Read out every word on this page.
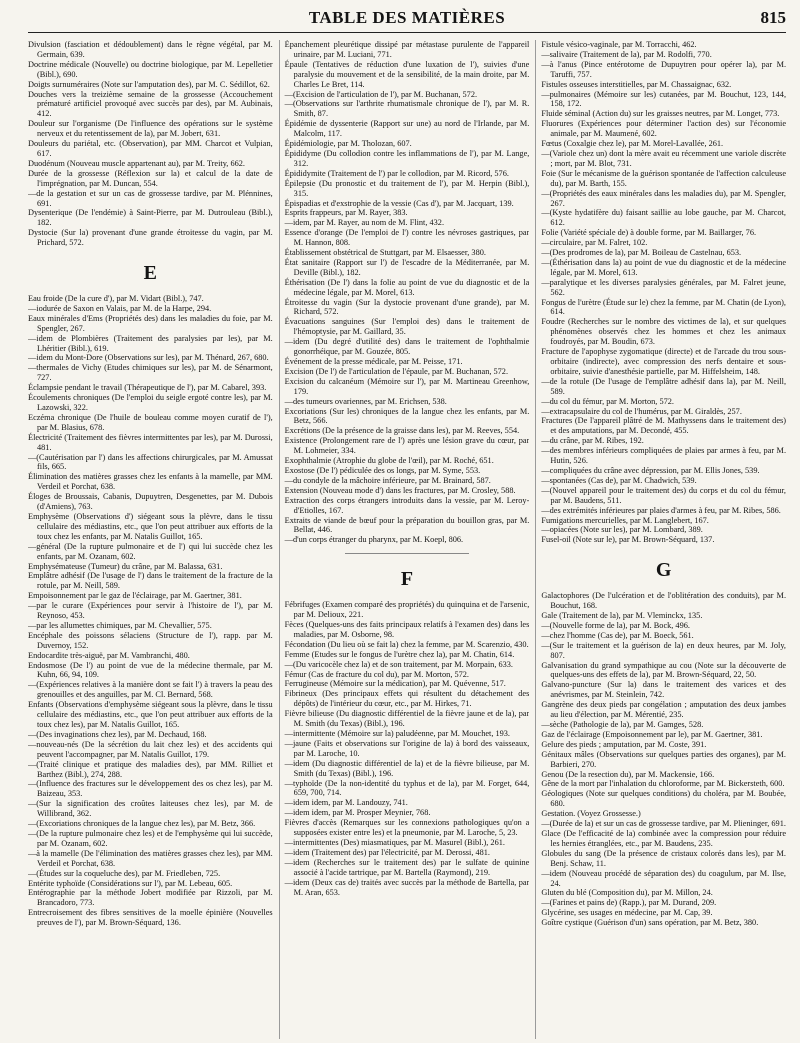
TABLE DES MATIÈRES	815

Divulsion (fasciation et dédoublement) dans le règne végétal, par M. Germain, 639.

Doctrine médicale (Nouvelle) ou doctrine biologique, par M. Lepelletier (Bibl.), 690.

Doigts surnuméraires (Note sur l'amputation des), par M. C. Sédillot, 62.

Douches vers la treizième semaine de la grossesse (Accouchement prématuré artificiel provoqué avec succès par des), par M. Aubinais, 412.

Douleur sur l'organisme (De l'influence des opérations sur le système nerveux et du retentissement de la), par M. Jobert, 631.

Douleurs du pariétal, etc. (Observation), par MM. Charcot et Vulpian, 617.

Duodénum (Nouveau muscle appartenant au), par M. Treity, 662.

Durée de la grossesse (Réflexion sur la) et calcul de la date de l'imprégnation, par M. Duncan, 554.

—de la gestation et sur un cas de grossesse tardive, par M. Plénnines, 691.

Dysenterique (De l'endémie) à Saint-Pierre, par M. Dutrouleau (Bibl.), 182.

Dystocie (Sur la) provenant d'une grande étroitesse du vagin, par M. Prichard, 572.

E

Eau froide (De la cure d'), par M. Vidart (Bibl.), 747.

—iodurée de Saxon en Valais, par M. de la Harpe, 294.

Eaux minérales d'Ems (Propriétés des) dans les maladies du foie, par M. Spengler, 267.

—idem de Plombières (Traitement des paralysies par les), par M. Lhéritier (Bibl.), 619.

—idem du Mont-Dore (Observations sur les), par M. Thénard, 267, 680.

—thermales de Vichy (Etudes chimiques sur les), par M. de Sénarmont, 727.

Éclampsie pendant le travail (Thérapeutique de l'), par M. Cabarel, 393.

Écoulements chroniques (De l'emploi du seigle ergoté contre les), par M. Lazowski, 322.

Eczéma chronique (De l'huile de bouleau comme moyen curatif de l'), par M. Blasius, 678.

Électricité (Traitement des fièvres intermittentes par les), par M. Durossi, 481.

—(Cautérisation par l') dans les affections chirurgicales, par M. Amussat fils, 665.

Élimination des matières grasses chez les enfants à la mamelle, par MM. Verdeil et Porchat, 638.

Éloges de Broussais, Cabanis, Dupuytren, Desgenettes, par M. Dubois (d'Amiens), 763.

Emphysème (Observations d') siégeant sous la plèvre, dans le tissu cellulaire des médiastins, etc., que l'on peut attribuer aux efforts de la toux chez les enfants, par M. Natalis Guillot, 165.

—général (De la rupture pulmonaire et de l') qui lui succède chez les enfants, par M. Ozanam, 602.

Emphysémateuse (Tumeur) du crâne, par M. Balassa, 631.

Emplâtre adhésif (De l'usage de l') dans le traitement de la fracture de la rotule, par M. Neill, 589.

Empoisonnement par le gaz de l'éclairage, par M. Gaertner, 381.

—par le curare (Expériences pour servir à l'histoire de l'), par M. Reynoso, 453.

—par les allumettes chimiques, par M. Chevallier, 575.

Encéphale des poissons sélaciens (Structure de l'), rapp. par M. Duvernoy, 152.

Endocardite très-aiguë, par M. Vambranchi, 480.

Endosmose (De l') au point de vue de la médecine thermale, par M. Kuhn, 66, 94, 109.

—(Expériences relatives à la manière dont se fait l') à travers la peau des grenouilles et des anguilles, par M. Cl. Bernard, 568.

Enfants (Observations d'emphysème siégeant sous la plèvre, dans le tissu cellulaire des médiastins, etc., que l'on peut attribuer aux efforts de la toux chez les), par M. Natalis Guillot, 165.

—(Des invaginations chez les), par M. Dechaud, 168.

—nouveau-nés (De la sécrétion du lait chez les) et des accidents qui peuvent l'accompagner, par M. Natalis Guillot, 179.

—(Traité clinique et pratique des maladies des), par MM. Rilliet et Barthez (Bibl.), 274, 288.

—(Influence des fractures sur le développement des os chez les), par M. Baizeau, 353.

—(Sur la signification des croûtes laiteuses chez les), par M. de Willibrand, 362.

—(Excoriations chroniques de la langue chez les), par M. Betz, 366.

—(De la rupture pulmonaire chez les) et de l'emphysème qui lui succède, par M. Ozanam, 602.

—à la mamelle (De l'élimination des matières grasses chez les), par MM. Verdeil et Porchat, 638.

—(Études sur la coqueluche des), par M. Friedleben, 725.

Entérite typhoïde (Considérations sur l'), par M. Lebeau, 605.

Entérographie par la méthode Jobert modifiée par Rizzoli, par M. Brancadoro, 773.

Entrecroisement des fibres sensitives de la moelle épinière (Nouvelles preuves de l'), par M. Brown-Séquard, 136.

Épanchement pleurétique dissipé par métastase purulente de l'appareil urinaire, par M. Luciani, 771.

Épaule (Tentatives de réduction d'une luxation de l'), suivies d'une paralysie du mouvement et de la sensibilité, de la main droite, par M. Charles Le Bret, 114.

—(Excision de l'articulation de l'), par M. Buchanan, 572.

—(Observations sur l'arthrite rhumatismale chronique de l'), par M. R. Smith, 87.

Épidémie de dyssenterie (Rapport sur une) au nord de l'Irlande, par M. Malcolm, 117.

Épidémiologie, par M. Tholozan, 607.

Épididyme (Du collodion contre les inflammations de l'), par M. Lange, 312.

Épididymite (Traitement de l') par le collodion, par M. Ricord, 576.

Épilepsie (Du pronostic et du traitement de l'), par M. Herpin (Bibl.), 315.

Épispadias et d'exstrophie de la vessie (Cas d'), par M. Jacquart, 139.

Esprits frappeurs, par M. Rayer, 383.

—idem, par M. Rayer, au nom de M. Flint, 432.

Essence d'orange (De l'emploi de l') contre les névroses gastriques, par M. Hannon, 808.

Établissement obstétrical de Stuttgart, par M. Elsaesser, 380.

État sanitaire (Rapport sur l') de l'escadre de la Méditerranée, par M. Deville (Bibl.), 182.

Éthérisation (De l') dans la folie au point de vue du diagnostic et de la médecine légale, par M. Morel, 613.

Étroitesse du vagin (Sur la dystocie provenant d'une grande), par M. Richard, 572.

Évacuations sanguines (Sur l'emploi des) dans le traitement de l'hémoptysie, par M. Gaillard, 35.

—idem (Du degré d'utilité des) dans le traitement de l'ophthalmie gonorrhéique, par M. Gouzée, 805.

Événement de la presse médicale, par M. Peisse, 171.

Excision (De l') de l'articulation de l'épaule, par M. Buchanan, 572.

Excision du calcanéum (Mémoire sur l'), par M. Martineau Greenhow, 179.

—des tumeurs ovariennes, par M. Erichsen, 538.

Excoriations (Sur les) chroniques de la langue chez les enfants, par M. Betz, 566.

Excrétions (De la présence de la graisse dans les), par M. Reeves, 554.

Existence (Prolongement rare de l') après une lésion grave du cœur, par M. Lohmeier, 334.

Exophthalmie (Atrophie du globe de l'œil), par M. Roché, 651.

Exostose (De l') pédiculée des os longs, par M. Syme, 553.

—du condyle de la mâchoire inférieure, par M. Brainard, 587.

Extension (Nouveau mode d') dans les fractures, par M. Crosley, 588.

Extraction des corps étrangers introduits dans la vessie, par M. Leroy-d'Etiolles, 167.

Extraits de viande de bœuf pour la préparation du bouillon gras, par M. Bellat, 446.

—d'un corps étranger du pharynx, par M. Koepl, 806.

F

Fébrifuges (Examen comparé des propriétés) du quinquina et de l'arsenic, par M. Delioux, 221.

Fèces (Quelques-uns des faits principaux relatifs à l'examen des) dans les maladies, par M. Osborne, 98.

Fécondation (Du lieu où se fait la) chez la femme, par M. Scarenzio, 430.

Femme (Etudes sur le fongus de l'urètre chez la), par M. Chatin, 614.

—(Du varicocèle chez la) et de son traitement, par M. Morpain, 633.

Fémur (Cas de fracture du col du), par M. Morton, 572.

Ferrugineuse (Mémoire sur la médication), par M. Quévenne, 517.

Fibrineux (Des principaux effets qui résultent du détachement des dépôts) de l'intérieur du cœur, etc., par M. Hirkes, 71.

Fièvre bilieuse (Du diagnostic différentiel de la fièvre jaune et de la), par M. Smith (du Texas) (Bibl.), 196.

—intermittente (Mémoire sur la) paludéenne, par M. Mouchet, 193.

—jaune (Faits et observations sur l'origine de la) à bord des vaisseaux, par M. Laroche, 10.

—idem (Du diagnostic différentiel de la) et de la fièvre bilieuse, par M. Smith (du Texas) (Bibl.), 196.

—typhoïde (De la non-identité du typhus et de la), par M. Forget, 644, 659, 700, 714.

—idem idem, par M. Landouzy, 741.

—idem idem, par M. Prosper Meynier, 768.

Fièvres d'accès (Remarques sur les connexions pathologiques qu'on a supposées exister entre les) et la pneumonie, par M. Laroche, 5, 23.

—intermittentes (Des) miasmatiques, par M. Masurel (Bibl.), 261.

—idem (Traitement des) par l'électricité, par M. Derossi, 481.

—idem (Recherches sur le traitement des) par le sulfate de quinine associé à l'acide tartrique, par M. Bartella (Raymond), 219.

—idem (Deux cas de) traités avec succès par la méthode de Bartella, par M. Aran, 653.

Fistule vésico-vaginale, par M. Torracchi, 462.

—salivaire (Traitement de la), par M. Rodolfi, 770.

—à l'anus (Pince entérotome de Dupuytren pour opérer la), par M. Taruffi, 757.

Fistules osseuses interstitielles, par M. Chassaignac, 632.

—pulmonaires (Mémoire sur les) cutanées, par M. Bouchut, 123, 144, 158, 172.

Fluide séminal (Action du) sur les graisses neutres, par M. Longet, 773.

Fluorures (Expériences pour déterminer l'action des) sur l'économie animale, par M. Maumené, 602.

Fœtus (Coxalgie chez le), par M. Morel-Lavallée, 261.

—(Variole chez un) dont la mère avait eu récemment une variole discrète ; mort, par M. Blot, 731.

Foie (Sur le mécanisme de la guérison spontanée de l'affection calculeuse du), par M. Barth, 155.

—(Propriétés des eaux minérales dans les maladies du), par M. Spengler, 267.

—(Kyste hydatifère du) faisant saillie au lobe gauche, par M. Charcot, 612.

Folie (Variété spéciale de) à double forme, par M. Baillarger, 76.

—circulaire, par M. Falret, 102.

—(Des prodromes de la), par M. Boileau de Castelnau, 653.

—(Éthérisation dans la) au point de vue du diagnostic et de la médecine légale, par M. Morel, 613.

—paralytique et les diverses paralysies générales, par M. Falret jeune, 562.

Fongus de l'urètre (Étude sur le) chez la femme, par M. Chatin (de Lyon), 614.

Foudre (Recherches sur le nombre des victimes de la), et sur quelques phénomènes observés chez les hommes et chez les animaux foudroyés, par M. Boudin, 673.

Fracture de l'apophyse zygomatique (directe) et de l'arcade du trou sous-orbitaire (indirecte), avec compression des nerfs dentaire et sous-orbitaire, suivie d'anesthésie partielle, par M. Hiffelsheim, 148.

—de la rotule (De l'usage de l'emplâtre adhésif dans la), par M. Neill, 589.

—du col du fémur, par M. Morton, 572.

—extracapsulaire du col de l'humérus, par M. Giraldès, 257.

Fractures (De l'appareil plâtré de M. Mathyssens dans le traitement des) et des amputations, par M. Decondé, 455.

—du crâne, par M. Ribes, 192.

—des membres inférieurs compliquées de plaies par armes à feu, par M. Hutin, 526.

—compliquées du crâne avec dépression, par M. Ellis Jones, 539.

—spontanées (Cas de), par M. Chadwich, 539.

—(Nouvel appareil pour le traitement des) du corps et du col du fémur, par M. Baudens, 511.

—des extrémités inférieures par plaies d'armes à feu, par M. Ribes, 586.

Fumigations mercurielles, par M. Langlebert, 167.

—opiacées (Note sur les), par M. Lombard, 389.

Fusel-oil (Note sur le), par M. Brown-Séquard, 137.

G

Galactophores (De l'ulcération et de l'oblitération des conduits), par M. Bouchut, 168.

Gale (Traitement de la), par M. Vleminckx, 135.

—(Nouvelle forme de la), par M. Bock, 496.

—chez l'homme (Cas de), par M. Boeck, 561.

—(Sur le traitement et la guérison de la) en deux heures, par M. Joly, 807.

Galvanisation du grand sympathique au cou (Note sur la découverte de quelques-uns des effets de la), par M. Brown-Séquard, 22, 50.

Galvano-puncture (Sur la) dans le traitement des varices et des anévrismes, par M. Steinlein, 742.

Gangrène des deux pieds par congélation ; amputation des deux jambes au lieu d'élection, par M. Mérentié, 235.

—sèche (Pathologie de la), par M. Gamges, 528.

Gaz de l'éclairage (Empoisonnement par le), par M. Gaertner, 381.

Gelure des pieds ; amputation, par M. Coste, 391.

Génitaux mâles (Observations sur quelques parties des organes), par M. Barbieri, 270.

Genou (De la resection du), par M. Mackensie, 166.

Gêne de la mort par l'inhalation du chloroforme, par M. Bickersteth, 600.

Géologiques (Note sur quelques conditions) du choléra, par M. Boubée, 680.

Gestation. (Voyez Grossesse.)

—(Durée de la) et sur un cas de grossesse tardive, par M. Plieninger, 691.

Glace (De l'efficacité de la) combinée avec la compression pour réduire les hernies étranglées, etc., par M. Baudens, 235.

Globules du sang (De la présence de cristaux colorés dans les), par M. Benj. Schaw, 11.

—idem (Nouveau procédé de séparation des) du coagulum, par M. Ilse, 24.

Gluten du blé (Composition du), par M. Millon, 24.

—(Farines et pains de) (Rapp.), par M. Durand, 209.

Glycérine, ses usages en médecine, par M. Cap, 39.

Goître cystique (Guérison d'un) sans opération, par M. Betz, 380.
